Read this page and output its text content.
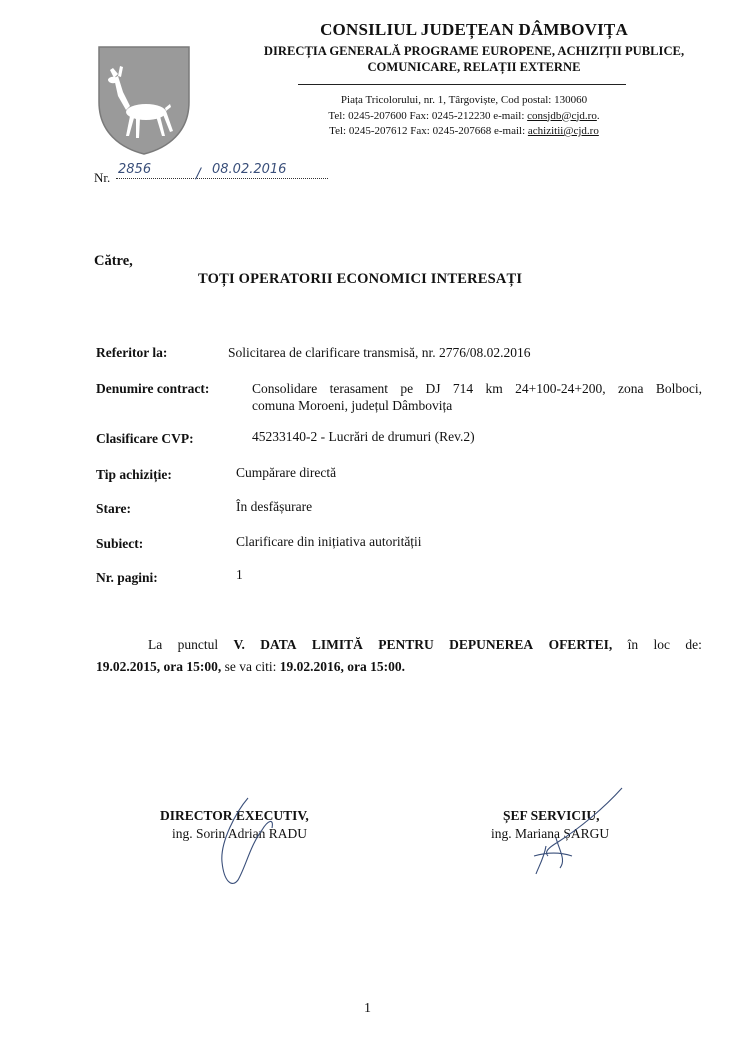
CONSILIUL JUDEȚEAN DÂMBOVIȚA
DIRECȚIA GENERALĂ PROGRAME EUROPENE, ACHIZIȚII PUBLICE,
COMUNICARE, RELAȚII EXTERNE
Piața Tricolorului, nr. 1, Târgoviște, Cod postal: 130060
Tel: 0245-207600 Fax: 0245-212230 e-mail: consjdb@cjd.ro.
Tel: 0245-207612 Fax: 0245-207668 e-mail: achizitii@cjd.ro
Nr.
2856	/ 08.02.2016
Către,
TOȚI OPERATORII ECONOMICI INTERESAȚI
Referitor la:	Solicitarea de clarificare transmisă, nr. 2776/08.02.2016
Denumire contract:	Consolidare terasament pe DJ 714 km 24+100-24+200, zona Bolboci,
comuna Moroeni, județul Dâmbovița
Clasificare CVP:	45233140-2 - Lucrări de drumuri (Rev.2)
Tip achiziție:	Cumpărare directă
Stare:	În desfășurare
Subiect:	Clarificare din inițiativa autorității
Nr. pagini:	1
La punctul V. DATA LIMITĂ PENTRU DEPUNEREA OFERTEI, în loc de:
19.02.2015, ora 15:00, se va citi: 19.02.2016, ora 15:00.
DIRECTOR EXECUTIV,
ing. Sorin Adrian RADU
ȘEF SERVICIU,
ing. Mariana ȘARGU
1
